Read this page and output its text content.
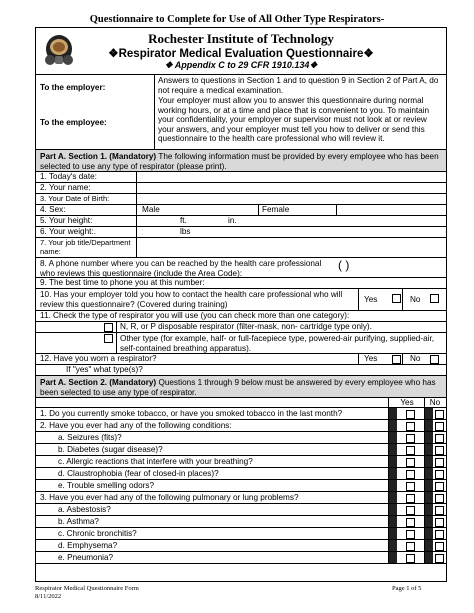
Questionnaire to Complete for Use of All Other Type Respirators-
Rochester Institute of Technology
❖Respirator Medical Evaluation Questionnaire❖
❖ Appendix C to 29 CFR 1910.134❖
To the employer:
To the employee:
Answers to questions in Section 1 and to question 9 in Section 2 of Part A, do not require a medical examination.
Your employer must allow you to answer this questionnaire during normal working hours, or at a time and place that is convenient to you. To maintain your confidentiality, your employer or supervisor must not look at or review your answers, and your employer must tell you how to deliver or send this questionnaire to the health care professional who will review it.
Part A. Section 1. (Mandatory) The following information must be provided by every employee who has been selected to use any type of respirator (please print).
1. Today's date:
2. Your name:
3. Your Date of Birth:
4. Sex:	Male	Female
5. Your height:	ft.	in.
6. Your weight:.	lbs
7. Your job title/Department name:
8. A phone number where you can be reached by the health care professional who reviews this questionnaire (include the Area Code):
( )
9. The best time to phone you at this number:
10. Has your employer told you how to contact the health care professional who will review this questionnaire? (Covered during training)
Yes	No
11. Check the type of respirator you will use (you can check more than one category):
N, R, or P disposable respirator (filter-mask, non- cartridge type only).
Other type (for example, half- or full-facepiece type, powered-air purifying, supplied-air, self-contained breathing apparatus).
12. Have you worn a respirator?	Yes	No
If "yes" what type(s)?
Part A. Section 2. (Mandatory) Questions 1 through 9 below must be answered by every employee who has been selected to use any type of respirator.
Yes	No
1. Do you currently smoke tobacco, or have you smoked tobacco in the last month?
2. Have you ever had any of the following conditions:
a. Seizures (fits)?
b. Diabetes (sugar disease)?
c. Allergic reactions that interfere with your breathing?
d. Claustrophobia (fear of closed-in places)?
e. Trouble smelling odors?
3. Have you ever had any of the following pulmonary or lung problems?
a. Asbestosis?
b. Asthma?
c. Chronic bronchitis?
d. Emphysema?
e. Pneumonia?
Respirator Medical Questionnaire Form
8/11/2022
Page 1 of 5
